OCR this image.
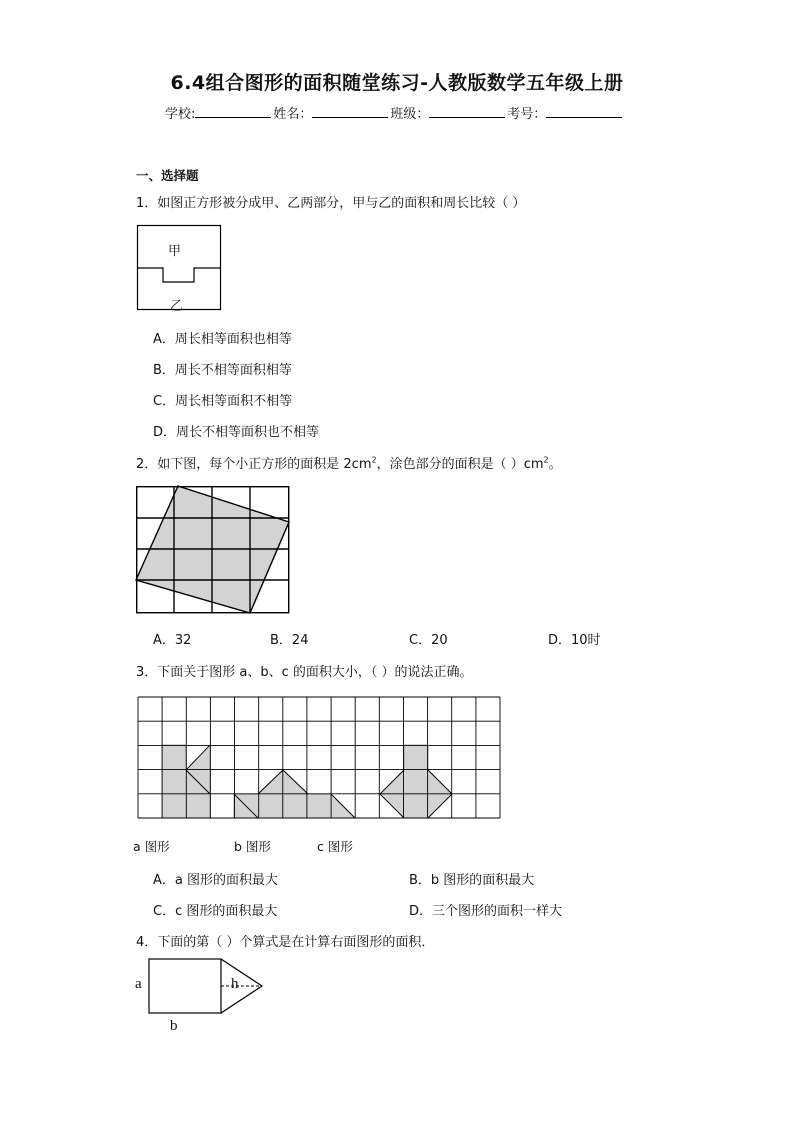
6.4组合图形的面积随堂练习-人教版数学五年级上册
学校:	姓名：	班级：	考号：
一、选择题
1．如图正方形被分成甲、乙两部分，甲与乙的面积和周长比较（ ）
甲
乙
A．周长相等面积也相等
B．周长不相等面积相等
C．周长相等面积不相等
D．周长不相等面积也不相等
2．如下图，每个小正方形的面积是 $2cm^2$，涂色部分的面积是（ ）$cm^2$。
A．32	B．24	C．20	D．10时
3．下面关于图形 a、b、c 的面积大小，（ ）的说法正确。
a 图形	b 图形	c 图形
A．a 图形的面积最大	B．b 图形的面积最大
C．c 图形的面积最大	D．三个图形的面积一样大
4．下面的第（ ）个算式是在计算右面图形的面积．
a	h
b
